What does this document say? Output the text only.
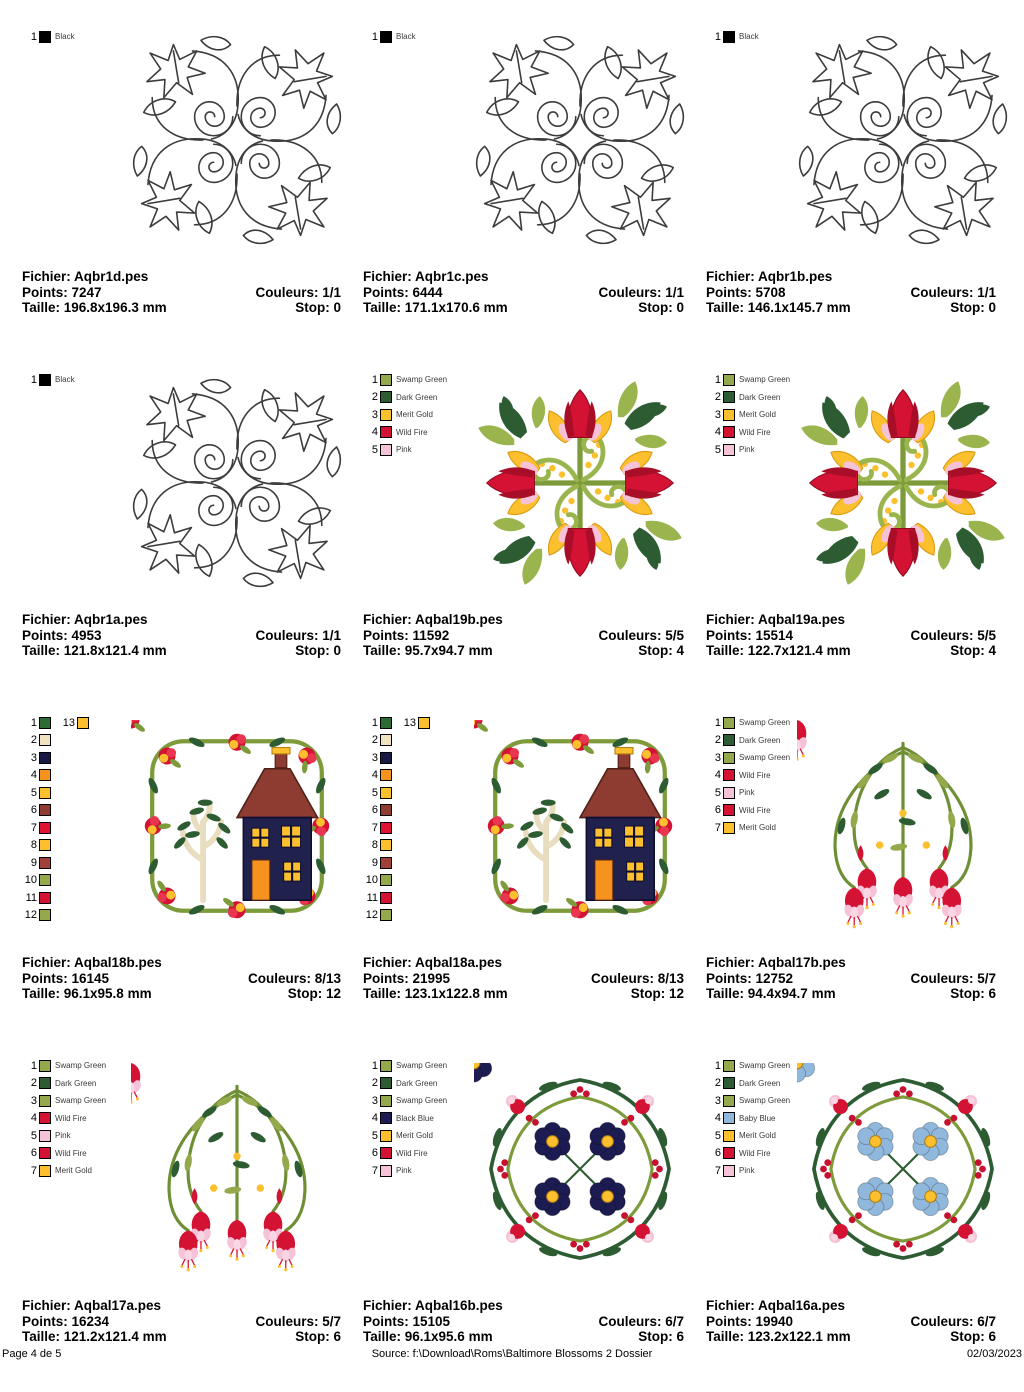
1 Black
Fichier: Aqbr1d.pes
Points: 7247	Couleurs: 1/1
Taille: 196.8x196.3 mm	Stop: 0
1 Black
Fichier: Aqbr1c.pes
Points: 6444	Couleurs: 1/1
Taille: 171.1x170.6 mm	Stop: 0
1 Black
Fichier: Aqbr1b.pes
Points: 5708	Couleurs: 1/1
Taille: 146.1x145.7 mm	Stop: 0
1 Black
Fichier: Aqbr1a.pes
Points: 4953	Couleurs: 1/1
Taille: 121.8x121.4 mm	Stop: 0
1 Swamp Green
2 Dark Green
3 Merit Gold
4 Wild Fire
5 Pink
Fichier: Aqbal19b.pes
Points: 11592	Couleurs: 5/5
Taille: 95.7x94.7 mm	Stop: 4
1 Swamp Green
2 Dark Green
3 Merit Gold
4 Wild Fire
5 Pink
Fichier: Aqbal19a.pes
Points: 15514	Couleurs: 5/5
Taille: 122.7x121.4 mm	Stop: 4
1 13
2
3
4
5
6
7
8
9
10
11
12
Fichier: Aqbal18b.pes
Points: 16145	Couleurs: 8/13
Taille: 96.1x95.8 mm	Stop: 12
1 13
2
3
4
5
6
7
8
9
10
11
12
Fichier: Aqbal18a.pes
Points: 21995	Couleurs: 8/13
Taille: 123.1x122.8 mm	Stop: 12
1 Swamp Green
2 Dark Green
3 Swamp Green
4 Wild Fire
5 Pink
6 Wild Fire
7 Merit Gold
Fichier: Aqbal17b.pes
Points: 12752	Couleurs: 5/7
Taille: 94.4x94.7 mm	Stop: 6
1 Swamp Green
2 Dark Green
3 Swamp Green
4 Wild Fire
5 Pink
6 Wild Fire
7 Merit Gold
Fichier: Aqbal17a.pes
Points: 16234	Couleurs: 5/7
Taille: 121.2x121.4 mm	Stop: 6
1 Swamp Green
2 Dark Green
3 Swamp Green
4 Black Blue
5 Merit Gold
6 Wild Fire
7 Pink
Fichier: Aqbal16b.pes
Points: 15105	Couleurs: 6/7
Taille: 96.1x95.6 mm	Stop: 6
1 Swamp Green
2 Dark Green
3 Swamp Green
4 Baby Blue
5 Merit Gold
6 Wild Fire
7 Pink
Fichier: Aqbal16a.pes
Points: 19940	Couleurs: 6/7
Taille: 123.2x122.1 mm	Stop: 6
Page 4 de 5	Source: f:\Download\Roms\Baltimore Blossoms 2 Dossier	02/03/2023
